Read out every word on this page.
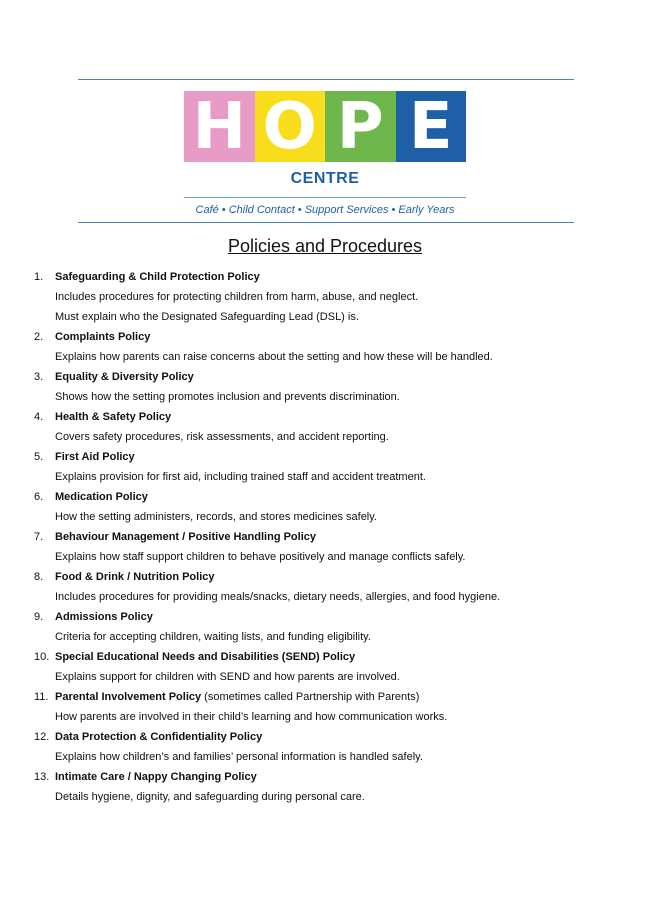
H O P E
CENTRE
Café • Child Contact • Support Services • Early Years
Policies and Procedures
1. Safeguarding & Child Protection Policy
Includes procedures for protecting children from harm, abuse, and neglect.
Must explain who the Designated Safeguarding Lead (DSL) is.
2. Complaints Policy
Explains how parents can raise concerns about the setting and how these will be handled.
3. Equality & Diversity Policy
Shows how the setting promotes inclusion and prevents discrimination.
4. Health & Safety Policy
Covers safety procedures, risk assessments, and accident reporting.
5. First Aid Policy
Explains provision for first aid, including trained staff and accident treatment.
6. Medication Policy
How the setting administers, records, and stores medicines safely.
7. Behaviour Management / Positive Handling Policy
Explains how staff support children to behave positively and manage conflicts safely.
8. Food & Drink / Nutrition Policy
Includes procedures for providing meals/snacks, dietary needs, allergies, and food hygiene.
9. Admissions Policy
Criteria for accepting children, waiting lists, and funding eligibility.
10. Special Educational Needs and Disabilities (SEND) Policy
Explains support for children with SEND and how parents are involved.
11. Parental Involvement Policy (sometimes called Partnership with Parents)
How parents are involved in their child’s learning and how communication works.
12. Data Protection & Confidentiality Policy
Explains how children’s and families’ personal information is handled safely.
13. Intimate Care / Nappy Changing Policy
Details hygiene, dignity, and safeguarding during personal care.
